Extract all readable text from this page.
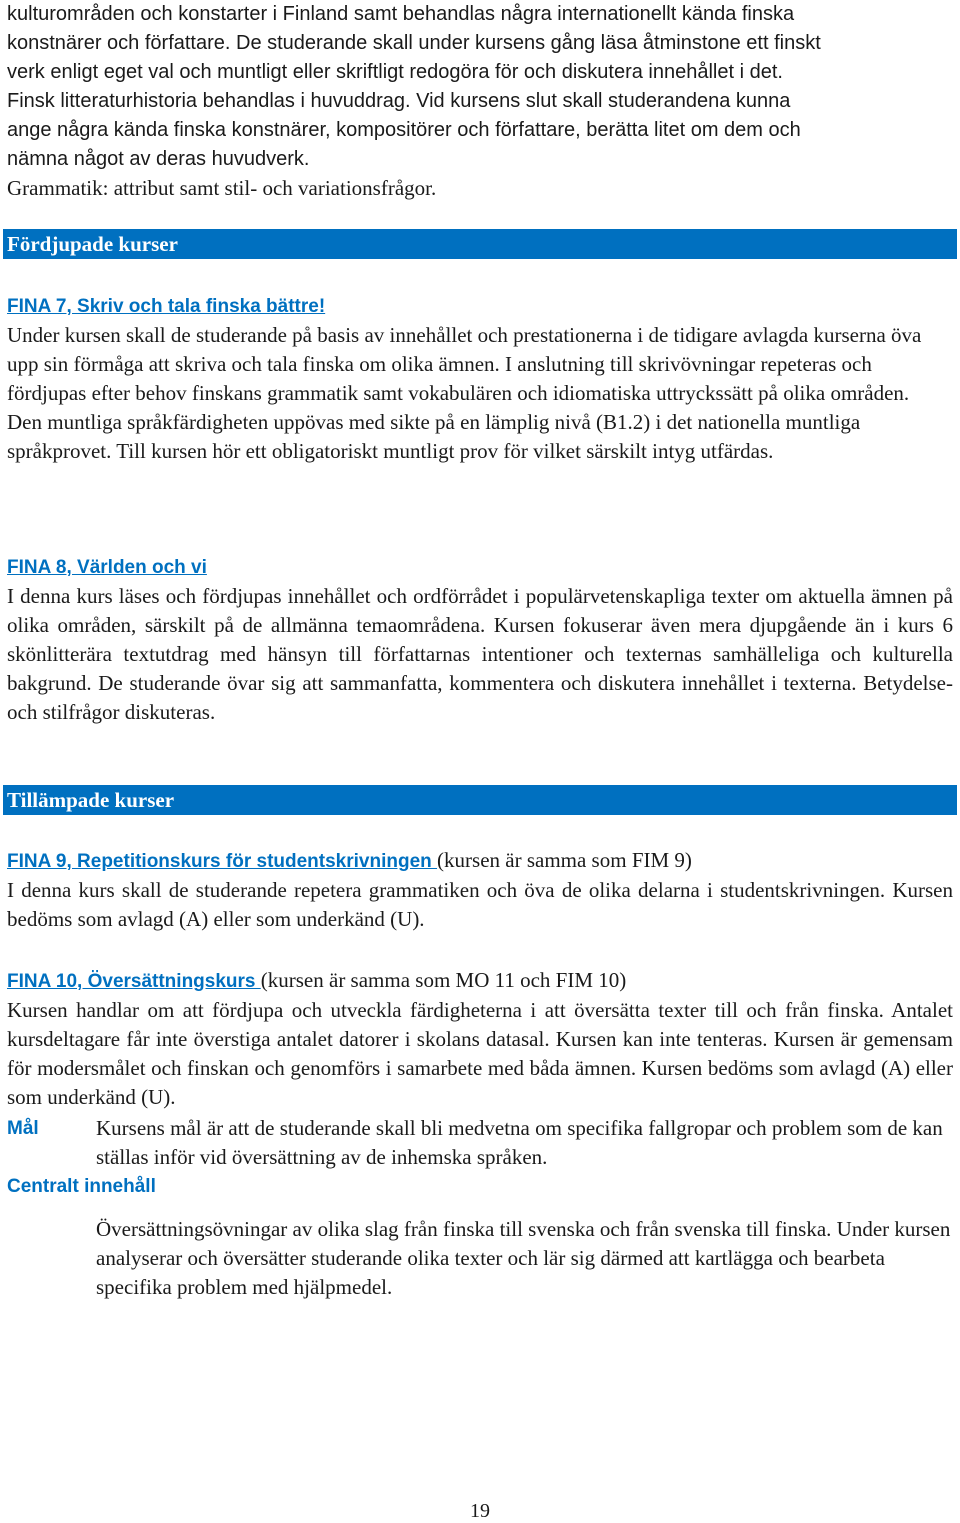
kulturområden och konstarter i Finland samt behandlas några internationellt kända finska

konstnärer och författare. De studerande skall under kursens gång läsa åtminstone ett finskt

verk enligt eget val och muntligt eller skriftligt redogöra för och diskutera innehållet i det.

Finsk litteraturhistoria behandlas i huvuddrag. Vid kursens slut skall studerandena kunna

ange några kända finska konstnärer, kompositörer och författare, berätta litet om dem och

nämna något av deras huvudverk.

Grammatik: attribut samt stil- och variationsfrågor.

Fördjupade kurser
FINA 7, Skriv och tala finska bättre!

Under kursen skall de studerande på basis av innehållet och prestationerna i de tidigare avlagda kurserna öva upp sin förmåga att skriva och tala finska om olika ämnen. I anslutning till skrivövningar repeteras och fördjupas efter behov finskans grammatik samt vokabulären och idiomatiska uttryckssätt på olika områden.

Den muntliga språkfärdigheten uppövas med sikte på en lämplig nivå (B1.2) i det nationella muntliga språkprovet. Till kursen hör ett obligatoriskt muntligt prov för vilket särskilt intyg utfärdas.

FINA 8, Världen och vi

I denna kurs läses och fördjupas innehållet och ordförrådet i populärvetenskapliga texter om aktuella ämnen på olika områden, särskilt på de allmänna temaområdena. Kursen fokuserar även mera djupgående än i kurs 6 skönlitterära textutdrag med hänsyn till författarnas intentioner och texternas samhälleliga och kulturella bakgrund. De studerande övar sig att sammanfatta, kommentera och diskutera innehållet i texterna. Betydelse- och stilfrågor diskuteras.

Tillämpade kurser
FINA 9, Repetitionskurs för studentskrivningen (kursen är samma som FIM 9)

I denna kurs skall de studerande repetera grammatiken och öva de olika delarna i studentskrivningen. Kursen bedöms som avlagd (A) eller som underkänd (U).

FINA 10, Översättningskurs (kursen är samma som MO 11 och FIM 10)

Kursen handlar om att fördjupa och utveckla färdigheterna i att översätta texter till och från finska. Antalet kursdeltagare får inte överstiga antalet datorer i skolans datasal. Kursen kan inte tenteras. Kursen är gemensam för modersmålet och finskan och genomförs i samarbete med båda ämnen. Kursen bedöms som avlagd (A) eller som underkänd (U).

Mål	Kursens mål är att de studerande skall bli medvetna om specifika fallgropar och problem som de kan ställas inför vid översättning av de inhemska språken.

Centralt innehåll

Översättningsövningar av olika slag från finska till svenska och från svenska till finska. Under kursen analyserar och översätter studerande olika texter och lär sig därmed att kartlägga och bearbeta specifika problem med hjälpmedel.

19
